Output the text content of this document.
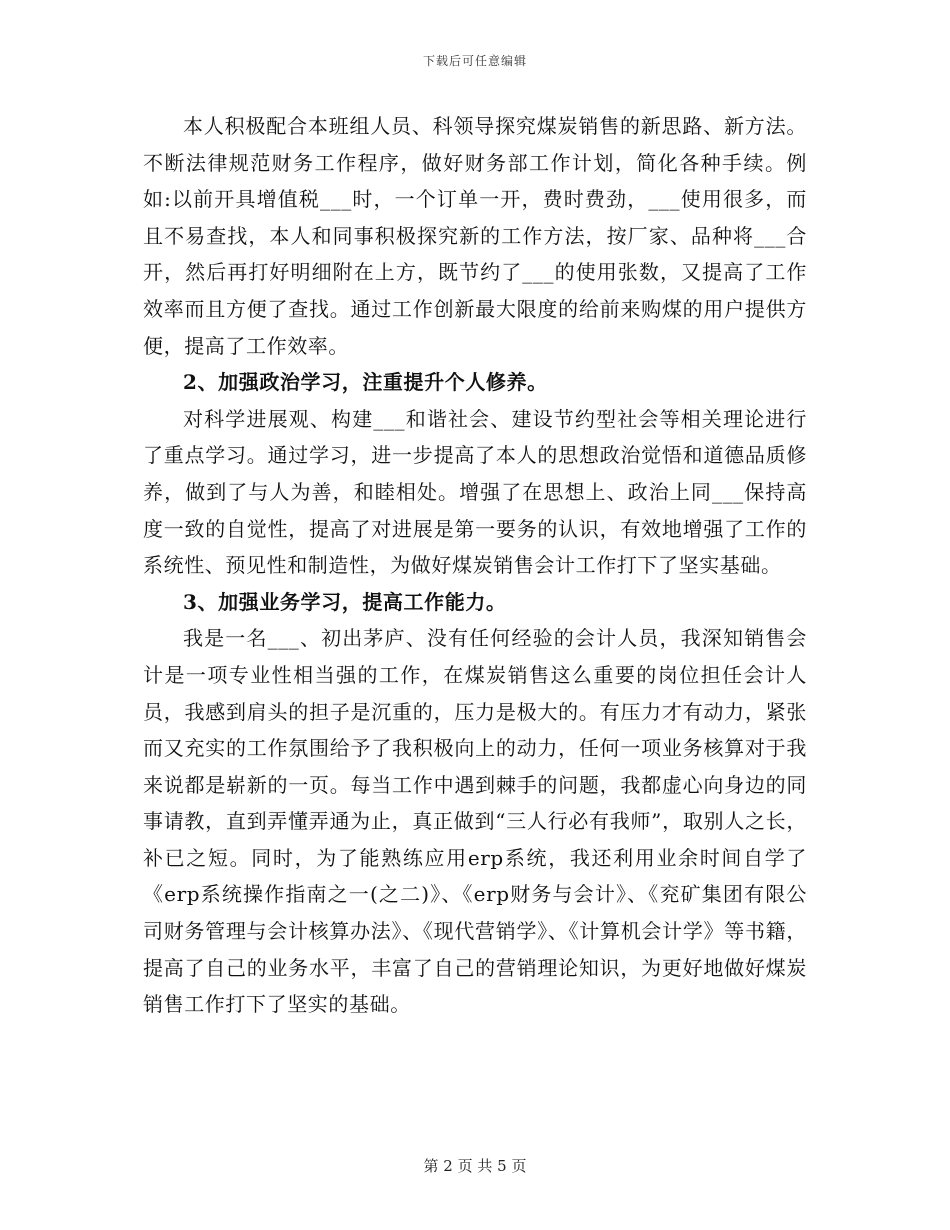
下载后可任意编辑

本人积极配合本班组人员、科领导探究煤炭销售的新思路、新方法。不断法律规范财务工作程序，做好财务部工作计划，简化各种手续。例如:以前开具增值税___时，一个订单一开，费时费劲，___使用很多，而且不易查找，本人和同事积极探究新的工作方法，按厂家、品种将___合开，然后再打好明细附在上方，既节约了___的使用张数，又提高了工作效率而且方便了查找。通过工作创新最大限度的给前来购煤的用户提供方便，提高了工作效率。

2、加强政治学习，注重提升个人修养。

对科学进展观、构建___和谐社会、建设节约型社会等相关理论进行了重点学习。通过学习，进一步提高了本人的思想政治觉悟和道德品质修养，做到了与人为善，和睦相处。增强了在思想上、政治上同___保持高度一致的自觉性，提高了对进展是第一要务的认识，有效地增强了工作的系统性、预见性和制造性，为做好煤炭销售会计工作打下了坚实基础。

3、加强业务学习，提高工作能力。

我是一名___、初出茅庐、没有任何经验的会计人员，我深知销售会计是一项专业性相当强的工作，在煤炭销售这么重要的岗位担任会计人员，我感到肩头的担子是沉重的，压力是极大的。有压力才有动力，紧张而又充实的工作氛围给予了我积极向上的动力，任何一项业务核算对于我来说都是崭新的一页。每当工作中遇到棘手的问题，我都虚心向身边的同事请教，直到弄懂弄通为止，真正做到“三人行必有我师”，取别人之长，补已之短。同时，为了能熟练应用erp系统，我还利用业余时间自学了《erp系统操作指南之一(之二)》、《erp财务与会计》、《兖矿集团有限公司财务管理与会计核算办法》、《现代营销学》、《计算机会计学》等书籍，提高了自己的业务水平，丰富了自己的营销理论知识，为更好地做好煤炭销售工作打下了坚实的基础。

第 2 页 共 5 页
